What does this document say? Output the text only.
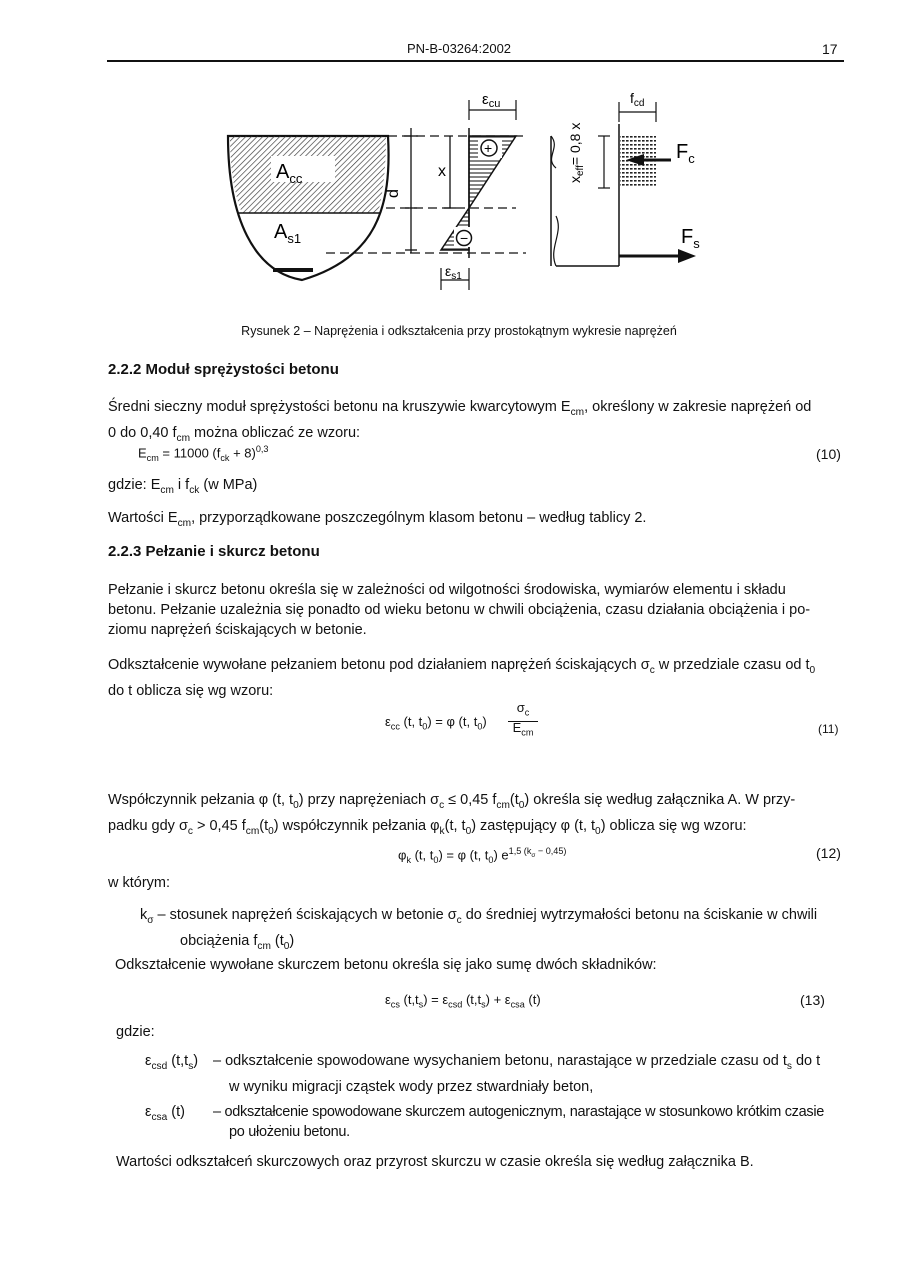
PN-B-03264:2002	17
$A_{cc}$
$A_{s1}$
d
x
+
−
$\varepsilon_{cu}$
$\varepsilon_{s1}$
$x_{eff}= 0,8$ x
$f_{cd}$
$F_c$
$F_s$
Rysunek 2 – Naprężenia i odkształcenia przy prostokątnym wykresie naprężeń
2.2.2 Moduł sprężystości betonu
Średni sieczny moduł sprężystości betonu na kruszywie kwarcytowym $E_{cm}$, określony w zakresie naprężeń od
0 do 0,40 $f_{cm}$ można obliczać ze wzoru:
$E_{cm} = 11000$ $(f_{ck} + 8)^{0,3}$	(10)
gdzie: $E_{cm}$ i $f_{ck}$ (w MPa)
Wartości $E_{cm}$, przyporządkowane poszczególnym klasom betonu – według tablicy 2.
2.2.3 Pełzanie i skurcz betonu
Pełzanie i skurcz betonu określa się w zależności od wilgotności środowiska, wymiarów elementu i składu
betonu. Pełzanie uzależnia się ponadto od wieku betonu w chwili obciążenia, czasu działania obciążenia i po-
ziomu naprężeń ściskających w betonie.
Odkształcenie wywołane pełzaniem betonu pod działaniem naprężeń ściskających $\sigma_c$ w przedziale czasu od $t_0$
do t oblicza się wg wzoru:
$\varepsilon_{cc}$ (t, $t_0) = \varphi$ (t, $t_0$)
$\sigma_c$
$E_{cm}$	(11)
Współczynnik pełzania φ (t, $t_0$) przy naprężeniach $\sigma_c \le 0,45$ $f_{cm}(t_0)$ określa się według załącznika A. W przy-
padku gdy $\sigma_c > 0,45$ $f_{cm}(t_0)$ współczynnik pełzania $\varphi_k(t$, $t_0$) zastępujący φ (t, $t_0$) oblicza się wg wzoru:
$\varphi_k$ (t, $t_0) = \varphi$ (t, $t_0$) $e^{1,5 (k_\sigma - 0,45)}$	(12)
w którym:
$k_\sigma$ – stosunek naprężeń ściskających w betonie $\sigma_c$ do średniej wytrzymałości betonu na ściskanie w chwili
obciążenia $f_{cm}$ $(t_0)$
Odkształcenie wywołane skurczem betonu określa się jako sumę dwóch składników:
$\varepsilon_{cs}$ $(t,t_s) = \varepsilon_{csd}$ $(t,t_s) + \varepsilon_{csa}$ (t)	(13)
gdzie:
$\varepsilon_{csd}$ $(t,t_s)$ – odkształcenie spowodowane wysychaniem betonu, narastające w przedziale czasu od $t_s$ do t
w wyniku migracji cząstek wody przez stwardniały beton,
$\varepsilon_{csa}$ (t) – odkształcenie spowodowane skurczem autogenicznym, narastające w stosunkowo krótkim czasie
po ułożeniu betonu.
Wartości odkształceń skurczowych oraz przyrost skurczu w czasie określa się według załącznika B.
